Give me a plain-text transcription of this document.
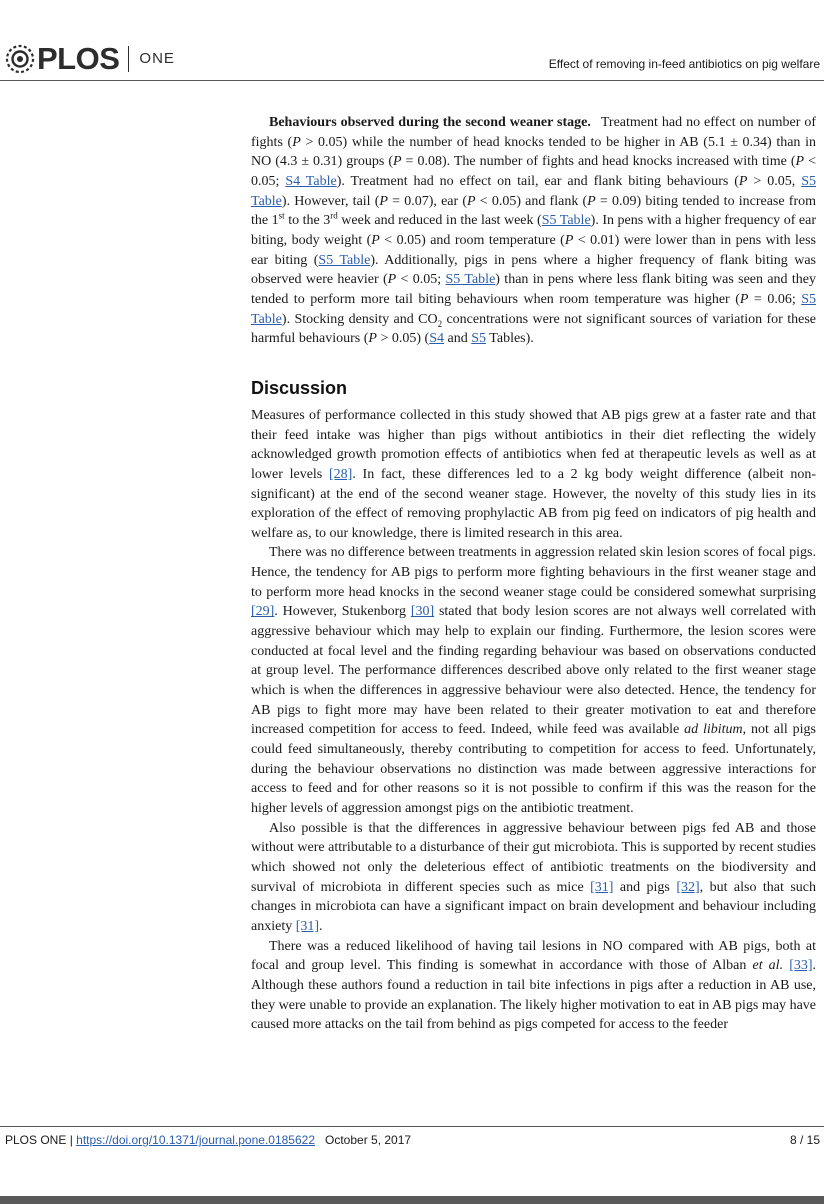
PLOS ONE	Effect of removing in-feed antibiotics on pig welfare

Behaviours observed during the second weaner stage. Treatment had no effect on number of fights (P > 0.05) while the number of head knocks tended to be higher in AB (5.1 ± 0.34) than in NO (4.3 ± 0.31) groups (P = 0.08). The number of fights and head knocks increased with time (P < 0.05; S4 Table). Treatment had no effect on tail, ear and flank biting behaviours (P > 0.05, S5 Table). However, tail (P = 0.07), ear (P < 0.05) and flank (P = 0.09) biting tended to increase from the 1st to the 3rd week and reduced in the last week (S5 Table). In pens with a higher frequency of ear biting, body weight (P < 0.05) and room temperature (P < 0.01) were lower than in pens with less ear biting (S5 Table). Additionally, pigs in pens where a higher frequency of flank biting was observed were heavier (P < 0.05; S5 Table) than in pens where less flank biting was seen and they tended to perform more tail biting behaviours when room temperature was higher (P = 0.06; S5 Table). Stocking density and $CO_2$ concentrations were not significant sources of variation for these harmful behaviours (P > 0.05) (S4 and S5 Tables).

Discussion

Measures of performance collected in this study showed that AB pigs grew at a faster rate and that their feed intake was higher than pigs without antibiotics in their diet reflecting the widely acknowledged growth promotion effects of antibiotics when fed at therapeutic levels as well as at lower levels [28]. In fact, these differences led to a 2 kg body weight difference (albeit non-significant) at the end of the second weaner stage. However, the novelty of this study lies in its exploration of the effect of removing prophylactic AB from pig feed on indicators of pig health and welfare as, to our knowledge, there is limited research in this area.

There was no difference between treatments in aggression related skin lesion scores of focal pigs. Hence, the tendency for AB pigs to perform more fighting behaviours in the first weaner stage and to perform more head knocks in the second weaner stage could be considered somewhat surprising [29]. However, Stukenborg [30] stated that body lesion scores are not always well correlated with aggressive behaviour which may help to explain our finding. Furthermore, the lesion scores were conducted at focal level and the finding regarding behaviour was based on observations conducted at group level. The performance differences described above only related to the first weaner stage which is when the differences in aggressive behaviour were also detected. Hence, the tendency for AB pigs to fight more may have been related to their greater motivation to eat and therefore increased competition for access to feed. Indeed, while feed was available ad libitum, not all pigs could feed simultaneously, thereby contributing to competition for access to feed. Unfortunately, during the behaviour observations no distinction was made between aggressive interactions for access to feed and for other reasons so it is not possible to confirm if this was the reason for the higher levels of aggression amongst pigs on the antibiotic treatment.

Also possible is that the differences in aggressive behaviour between pigs fed AB and those without were attributable to a disturbance of their gut microbiota. This is supported by recent studies which showed not only the deleterious effect of antibiotic treatments on the biodiversity and survival of microbiota in different species such as mice [31] and pigs [32], but also that such changes in microbiota can have a significant impact on brain development and behaviour including anxiety [31].

There was a reduced likelihood of having tail lesions in NO compared with AB pigs, both at focal and group level. This finding is somewhat in accordance with those of Alban et al. [33]. Although these authors found a reduction in tail bite infections in pigs after a reduction in AB use, they were unable to provide an explanation. The likely higher motivation to eat in AB pigs may have caused more attacks on the tail from behind as pigs competed for access to the feeder

PLOS ONE | https://doi.org/10.1371/journal.pone.0185622 October 5, 2017	8 / 15
